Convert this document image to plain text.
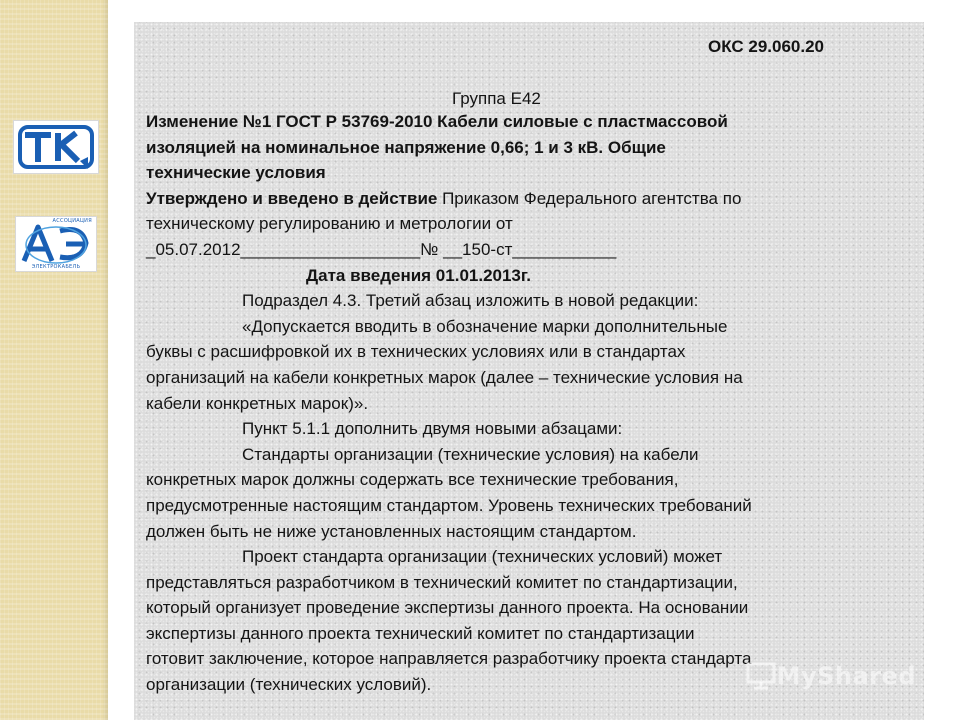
АССОЦИАЦИЯ
ЭЛЕКТРОКАБЕЛЬ
ОКС 29.060.20
Группа Е42
Изменение №1 ГОСТ Р 53769-2010 Кабели силовые с пластмассовой
изоляцией на номинальное напряжение 0,66; 1 и 3 кВ. Общие
технические условия
Утверждено и введено в действие Приказом Федерального агентства по
техническому регулированию и метрологии от
_05.07.2012___________________№ __150-ст___________
Дата введения 01.01.2013г.
Подраздел 4.3. Третий абзац изложить в новой редакции:
«Допускается вводить в обозначение марки дополнительные
буквы с расшифровкой их в технических условиях или в стандартах
организаций на кабели конкретных марок (далее – технические условия на
кабели конкретных марок)».
Пункт 5.1.1 дополнить двумя новыми абзацами:
Стандарты организации (технические условия) на кабели
конкретных марок должны содержать все технические требования,
предусмотренные настоящим стандартом. Уровень технических требований
должен быть не ниже установленных настоящим стандартом.
Проект стандарта организации (технических условий) может
представляться разработчиком в технический комитет по стандартизации,
который организует проведение экспертизы данного проекта. На основании
экспертизы данного проекта технический комитет по стандартизации
готовит заключение, которое направляется разработчику проекта стандарта
организации (технических условий).	MyShared
